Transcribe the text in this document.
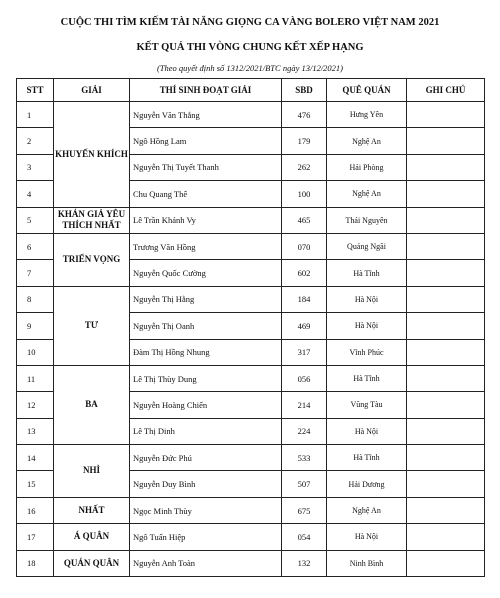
CUỘC THI TÌM KIẾM TÀI NĂNG GIỌNG CA VÀNG BOLERO VIỆT NAM 2021
KẾT QUẢ THI VÒNG CHUNG KẾT XẾP HẠNG
(Theo quyết định số 1312/2021/BTC ngày 13/12/2021)
STT	GIẢI	THÍ SINH ĐOẠT GIẢI	SBD	QUÊ QUÁN	GHI CHÚ
1	KHUYẾN KHÍCH	Nguyễn Văn Thắng	476	Hưng Yên	
2		Ngô Hồng Lam	179	Nghệ An	
3		Nguyễn Thị Tuyết Thanh	262	Hải Phòng	
4		Chu Quang Thế	100	Nghệ An	
5	KHÁN GIẢ YÊU THÍCH NHẤT	Lê Trần Khánh Vy	465	Thái Nguyên	
6	TRIỂN VỌNG	Trương Văn Hồng	070	Quảng Ngãi	
7		Nguyễn Quốc Cường	602	Hà Tĩnh	
8	TƯ	Nguyễn Thị Hằng	184	Hà Nội	
9		Nguyễn Thị Oanh	469	Hà Nội	
10		Đàm Thị Hồng Nhung	317	Vĩnh Phúc	
11	BA	Lê Thị Thùy Dung	056	Hà Tĩnh	
12		Nguyễn Hoàng Chiến	214	Vũng Tàu	
13		Lê Thị Dinh	224	Hà Nội	
14	NHÌ	Nguyễn Đức Phú	533	Hà Tĩnh	
15		Nguyễn Duy Bình	507	Hải Dương	
16	NHẤT	Ngọc Minh Thùy	675	Nghệ An	
17	Á QUÂN	Ngô Tuấn Hiệp	054	Hà Nội	
18	QUÁN QUÂN	Nguyễn Anh Toàn	132	Ninh Bình	
